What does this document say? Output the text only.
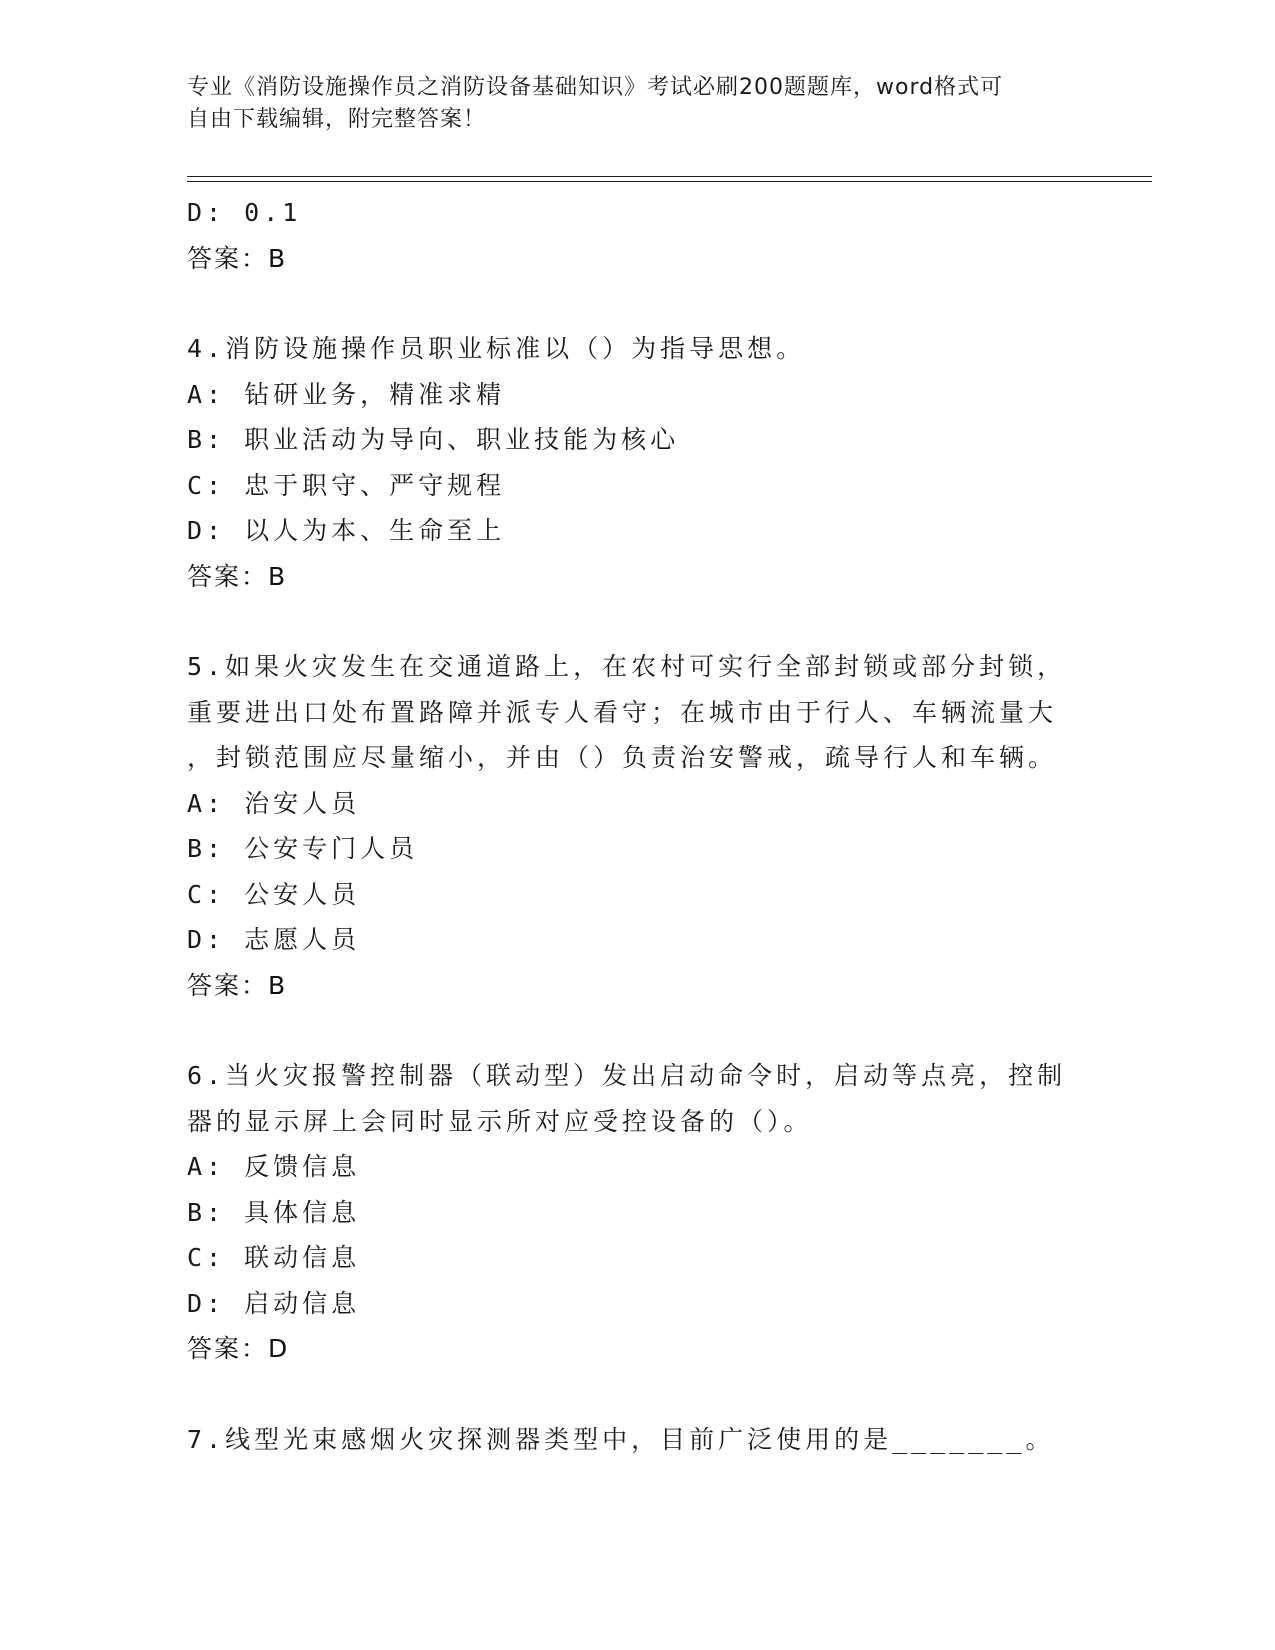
专业《消防设施操作员之消防设备基础知识》考试必刷200题题库，word格式可
自由下载编辑，附完整答案！

D: 0.1

答案：B

4.消防设施操作员职业标准以（）为指导思想。

A: 钻研业务，精准求精

B: 职业活动为导向、职业技能为核心

C: 忠于职守、严守规程

D: 以人为本、生命至上

答案：B

5.如果火灾发生在交通道路上，在农村可实行全部封锁或部分封锁，

重要进出口处布置路障并派专人看守；在城市由于行人、车辆流量大

，封锁范围应尽量缩小，并由（）负责治安警戒，疏导行人和车辆。

A: 治安人员

B: 公安专门人员

C: 公安人员

D: 志愿人员

答案：B

6.当火灾报警控制器（联动型）发出启动命令时，启动等点亮，控制

器的显示屏上会同时显示所对应受控设备的（）。

A: 反馈信息

B: 具体信息

C: 联动信息

D: 启动信息

答案：D

7.线型光束感烟火灾探测器类型中，目前广泛使用的是_______。
